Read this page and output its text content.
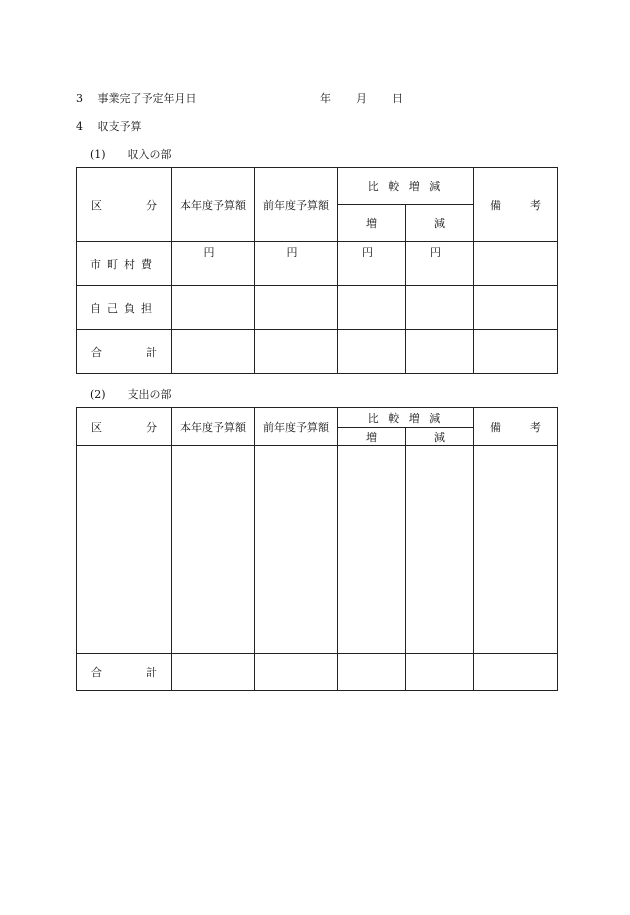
3 事業完了予定年月日	年 月 日
4 収支予算
(1) 収入の部
区 分	本年度予算額	前年度予算額	比 較 増 減		備 考

			増	減	
市町村費	円	円	円	円	
自己負担					

合 計					

(2) 支出の部
区 分	本年度予算額	前年度予算額	比 較 増 減		備 考

			増	減	

合 計					
